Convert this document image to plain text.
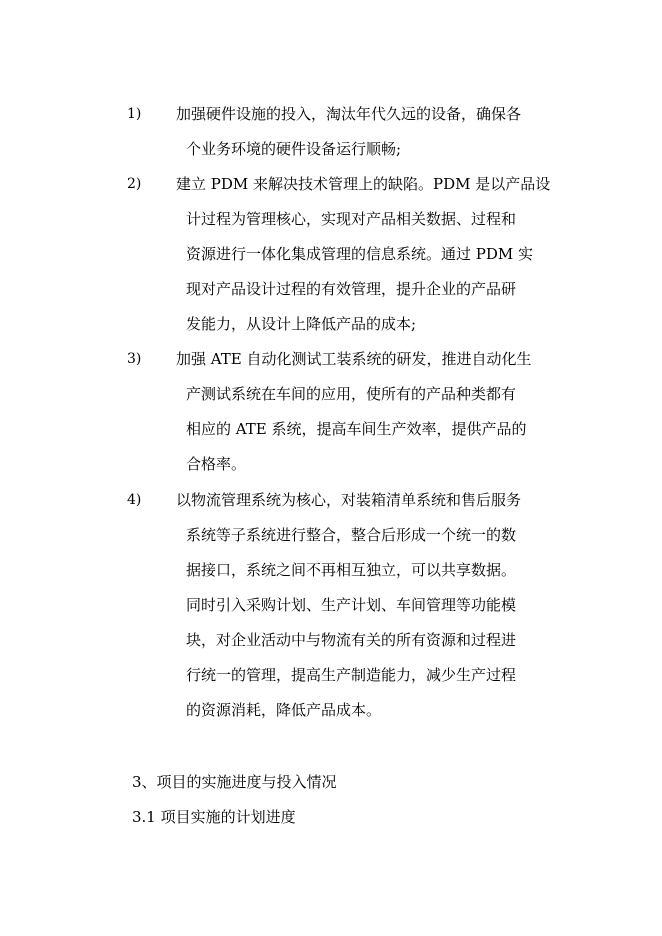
1) 加强硬件设施的投入，淘汰年代久远的设备，确保各
个业务环境的硬件设备运行顺畅;
2) 建立 PDM 来解决技术管理上的缺陷。PDM 是以产品设
计过程为管理核心，实现对产品相关数据、过程和
资源进行一体化集成管理的信息系统。通过 PDM 实
现对产品设计过程的有效管理，提升企业的产品研
发能力，从设计上降低产品的成本;
3) 加强 ATE 自动化测试工装系统的研发，推进自动化生
产测试系统在车间的应用，使所有的产品种类都有
相应的 ATE 系统，提高车间生产效率，提供产品的
合格率。
4) 以物流管理系统为核心，对装箱清单系统和售后服务
系统等子系统进行整合，整合后形成一个统一的数
据接口，系统之间不再相互独立，可以共享数据。
同时引入采购计划、生产计划、车间管理等功能模
块，对企业活动中与物流有关的所有资源和过程进
行统一的管理，提高生产制造能力，减少生产过程
的资源消耗，降低产品成本。
3、项目的实施进度与投入情况
3.1 项目实施的计划进度
